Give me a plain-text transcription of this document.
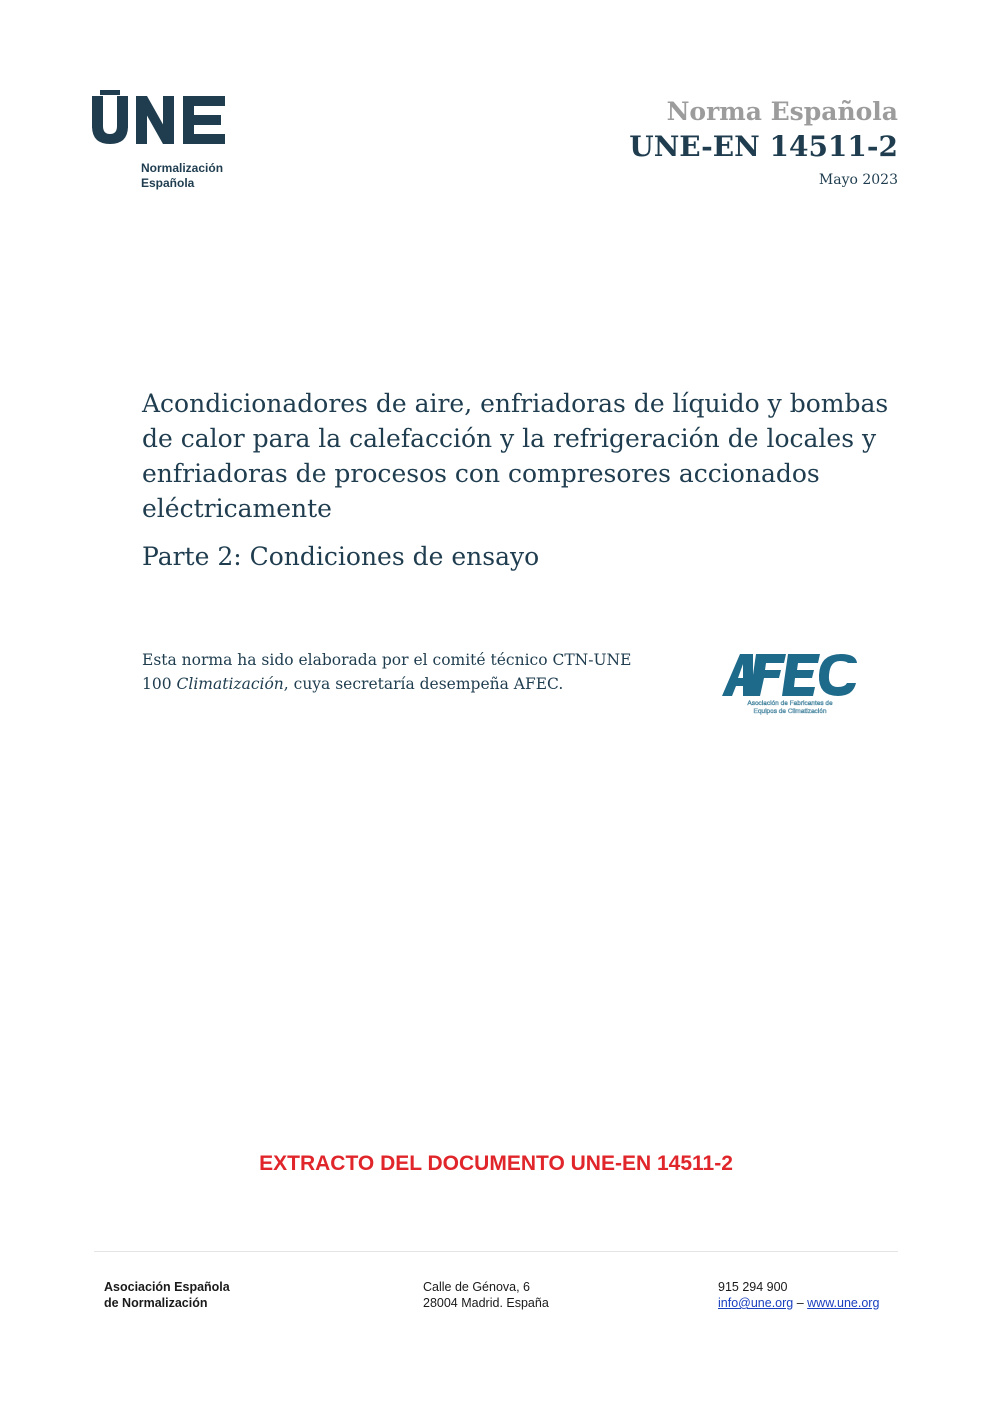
Normalización
Española
Norma Española
UNE-EN 14511-2
Mayo 2023
Acondicionadores de aire, enfriadoras de líquido y bombas de calor para la calefacción y la refrigeración de locales y enfriadoras de procesos con compresores accionados eléctricamente
Parte 2: Condiciones de ensayo
Esta norma ha sido elaborada por el comité técnico CTN-UNE 100 Climatización, cuya secretaría desempeña AFEC.
Asociación de Fabricantes de
Equipos de Climatización
EXTRACTO DEL DOCUMENTO UNE-EN 14511-2
Asociación Española
de Normalización
Calle de Génova, 6
28004 Madrid. España
915 294 900
info@une.org – www.une.org
